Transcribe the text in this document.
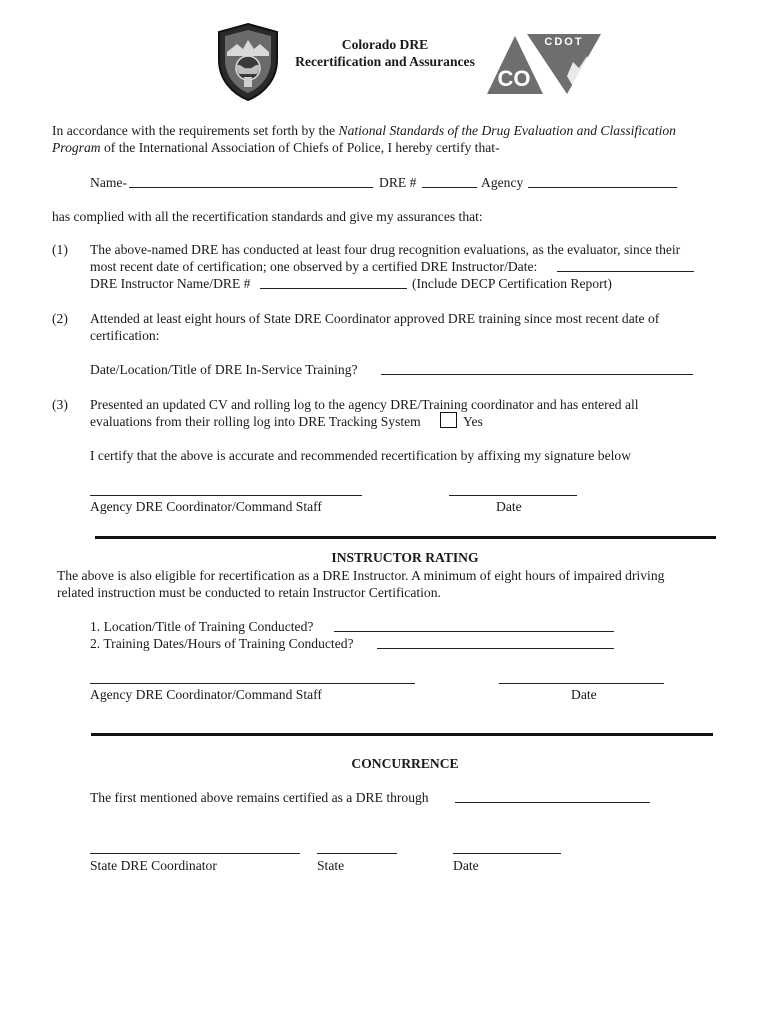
Colorado DRE
Recertification and Assurances
CDOT
CO
In accordance with the requirements set forth by the National Standards of the Drug Evaluation and Classification
Program of the International Association of Chiefs of Police, I hereby certify that-
Name-	DRE #	Agency
has complied with all the recertification standards and give my assurances that:
(1) The above-named DRE has conducted at least four drug recognition evaluations, as the evaluator, since their
most recent date of certification; one observed by a certified DRE Instructor/Date:
DRE Instructor Name/DRE #	(Include DECP Certification Report)
(2) Attended at least eight hours of State DRE Coordinator approved DRE training since most recent date of
certification:
Date/Location/Title of DRE In-Service Training?
(3) Presented an updated CV and rolling log to the agency DRE/Training coordinator and has entered all
evaluations from their rolling log into DRE Tracking System	Yes
I certify that the above is accurate and recommended recertification by affixing my signature below
Agency DRE Coordinator/Command Staff	Date
INSTRUCTOR RATING
The above is also eligible for recertification as a DRE Instructor. A minimum of eight hours of impaired driving
related instruction must be conducted to retain Instructor Certification.
1. Location/Title of Training Conducted?
2. Training Dates/Hours of Training Conducted?
Agency DRE Coordinator/Command Staff	Date
CONCURRENCE
The first mentioned above remains certified as a DRE through
State DRE Coordinator	State	Date
